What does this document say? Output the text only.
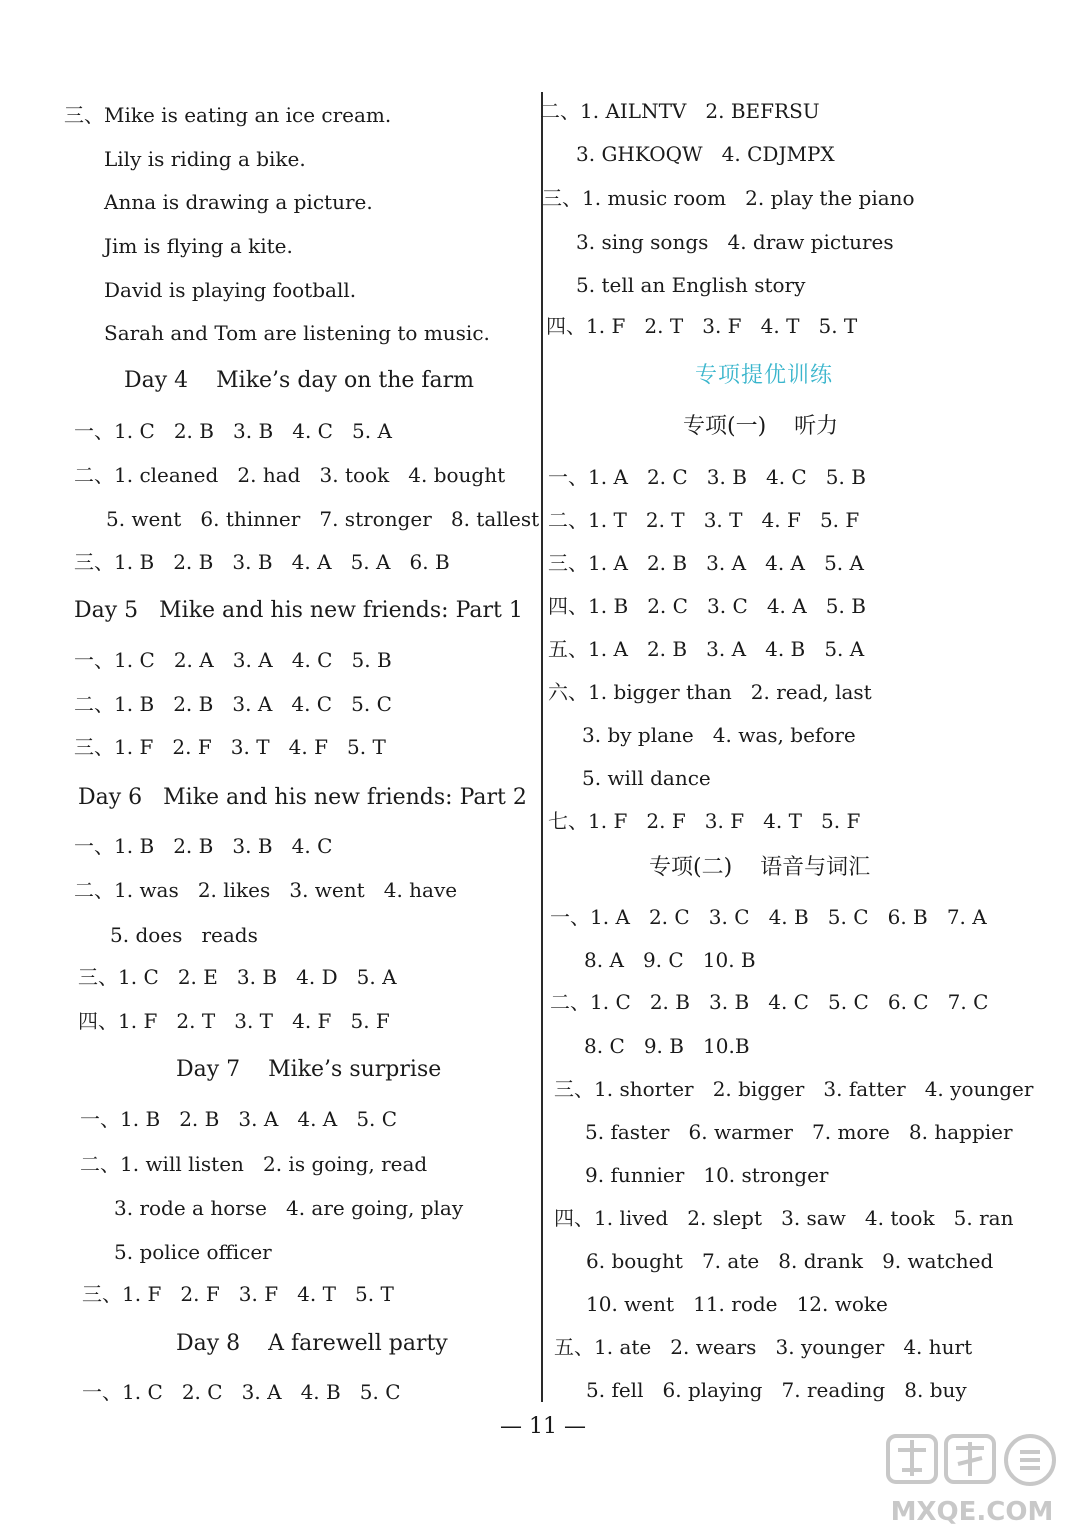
三、Mike is eating an ice cream.
Lily is riding a bike.
Anna is drawing a picture.
Jim is flying a kite.
David is playing football.
Sarah and Tom are listening to music.
Day 4    Mike’s day on the farm
一、1. C   2. B   3. B   4. C   5. A
二、1. cleaned   2. had   3. took   4. bought
5. went   6. thinner   7. stronger   8. tallest
三、1. B   2. B   3. B   4. A   5. A   6. B
Day 5   Mike and his new friends: Part 1
一、1. C   2. A   3. A   4. C   5. B
二、1. B   2. B   3. A   4. C   5. C
三、1. F   2. F   3. T   4. F   5. T
Day 6   Mike and his new friends: Part 2
一、1. B   2. B   3. B   4. C
二、1. was   2. likes   3. went   4. have
5. does   reads
三、1. C   2. E   3. B   4. D   5. A
四、1. F   2. T   3. T   4. F   5. F
Day 7    Mike’s surprise
一、1. B   2. B   3. A   4. A   5. C
二、1. will listen   2. is going, read
3. rode a horse   4. are going, play
5. police officer
三、1. F   2. F   3. F   4. T   5. T
Day 8    A farewell party
一、1. C   2. C   3. A   4. B   5. C
二、1. AILNTV   2. BEFRSU
3. GHKOQW   4. CDJMPX
三、1. music room   2. play the piano
3. sing songs   4. draw pictures
5. tell an English story
四、1. F   2. T   3. F   4. T   5. T
专项提优训练
专项(一)    听力
一、1. A   2. C   3. B   4. C   5. B
二、1. T   2. T   3. T   4. F   5. F
三、1. A   2. B   3. A   4. A   5. A
四、1. B   2. C   3. C   4. A   5. B
五、1. A   2. B   3. A   4. B   5. A
六、1. bigger than   2. read, last
3. by plane   4. was, before
5. will dance
七、1. F   2. F   3. F   4. T   5. F
专项(二)    语音与词汇
一、1. A   2. C   3. C   4. B   5. C   6. B   7. A
8. A   9. C   10. B
二、1. C   2. B   3. B   4. C   5. C   6. C   7. C
8. C   9. B   10.B
三、1. shorter   2. bigger   3. fatter   4. younger
5. faster   6. warmer   7. more   8. happier
9. funnier   10. stronger
四、1. lived   2. slept   3. saw   4. took   5. ran
6. bought   7. ate   8. drank   9. watched
10. went   11. rode   12. woke
五、1. ate   2. wears   3. younger   4. hurt
5. fell   6. playing   7. reading   8. buy
— 11 —
MXQE.COM
